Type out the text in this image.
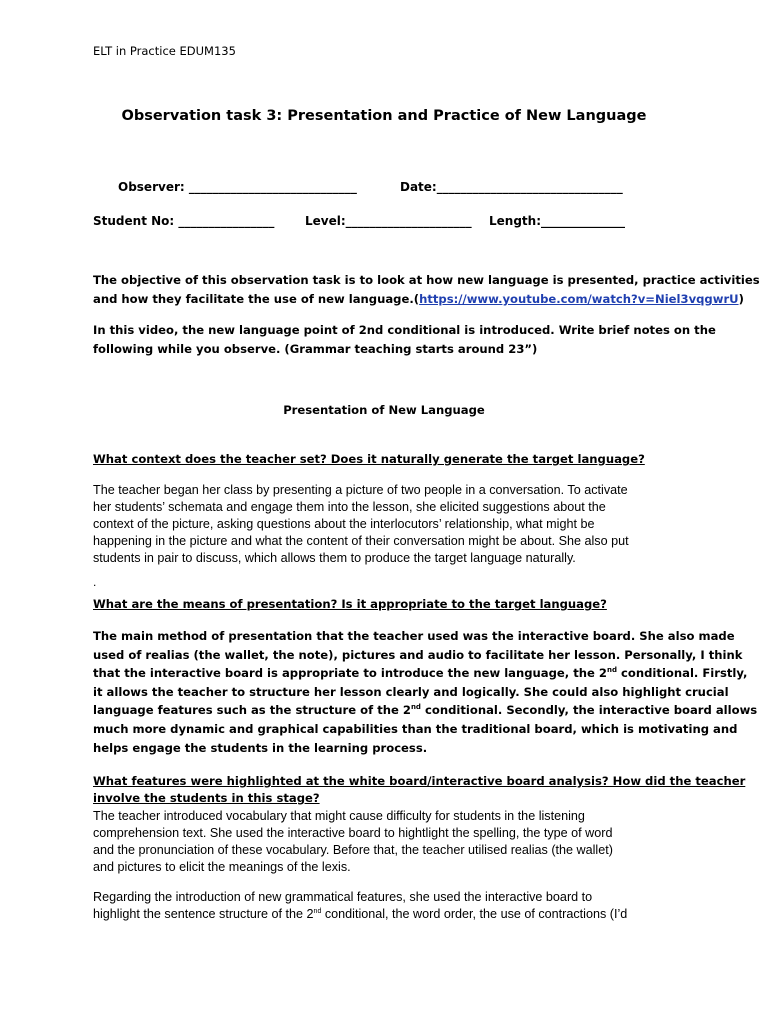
ELT in Practice EDUM135
Observation task 3: Presentation and Practice of New Language
Observer: ____________________________	Date:_______________________________
Student No: ________________	Level:_____________________ Length:______________
The objective of this observation task is to look at how new language is presented, practice activities
and how they facilitate the use of new language.(https://www.youtube.com/watch?v=Niel3vqgwrU)
In this video, the new language point of 2nd conditional is introduced. Write brief notes on the
following while you observe. (Grammar teaching starts around 23”)
Presentation of New Language
What context does the teacher set? Does it naturally generate the target language?
The teacher began her class by presenting a picture of two people in a conversation. To activate
her students’ schemata and engage them into the lesson, she elicited suggestions about the
context of the picture, asking questions about the interlocutors’ relationship, what might be
happening in the picture and what the content of their conversation might be about. She also put
students in pair to discuss, which allows them to produce the target language naturally.
.
What are the means of presentation? Is it appropriate to the target language?
The main method of presentation that the teacher used was the interactive board. She also made
used of realias (the wallet, the note), pictures and audio to facilitate her lesson. Personally, I think
that the interactive board is appropriate to introduce the new language, the 2nd conditional. Firstly,
it allows the teacher to structure her lesson clearly and logically. She could also highlight crucial
language features such as the structure of the 2nd conditional. Secondly, the interactive board allows
much more dynamic and graphical capabilities than the traditional board, which is motivating and
helps engage the students in the learning process.
What features were highlighted at the white board/interactive board analysis? How did the teacher
involve the students in this stage?
The teacher introduced vocabulary that might cause difficulty for students in the listening
comprehension text. She used the interactive board to hightlight the spelling, the type of word
and the pronunciation of these vocabulary. Before that, the teacher utilised realias (the wallet)
and pictures to elicit the meanings of the lexis.
Regarding the introduction of new grammatical features, she used the interactive board to
highlight the sentence structure of the 2nd conditional, the word order, the use of contractions (I’d
